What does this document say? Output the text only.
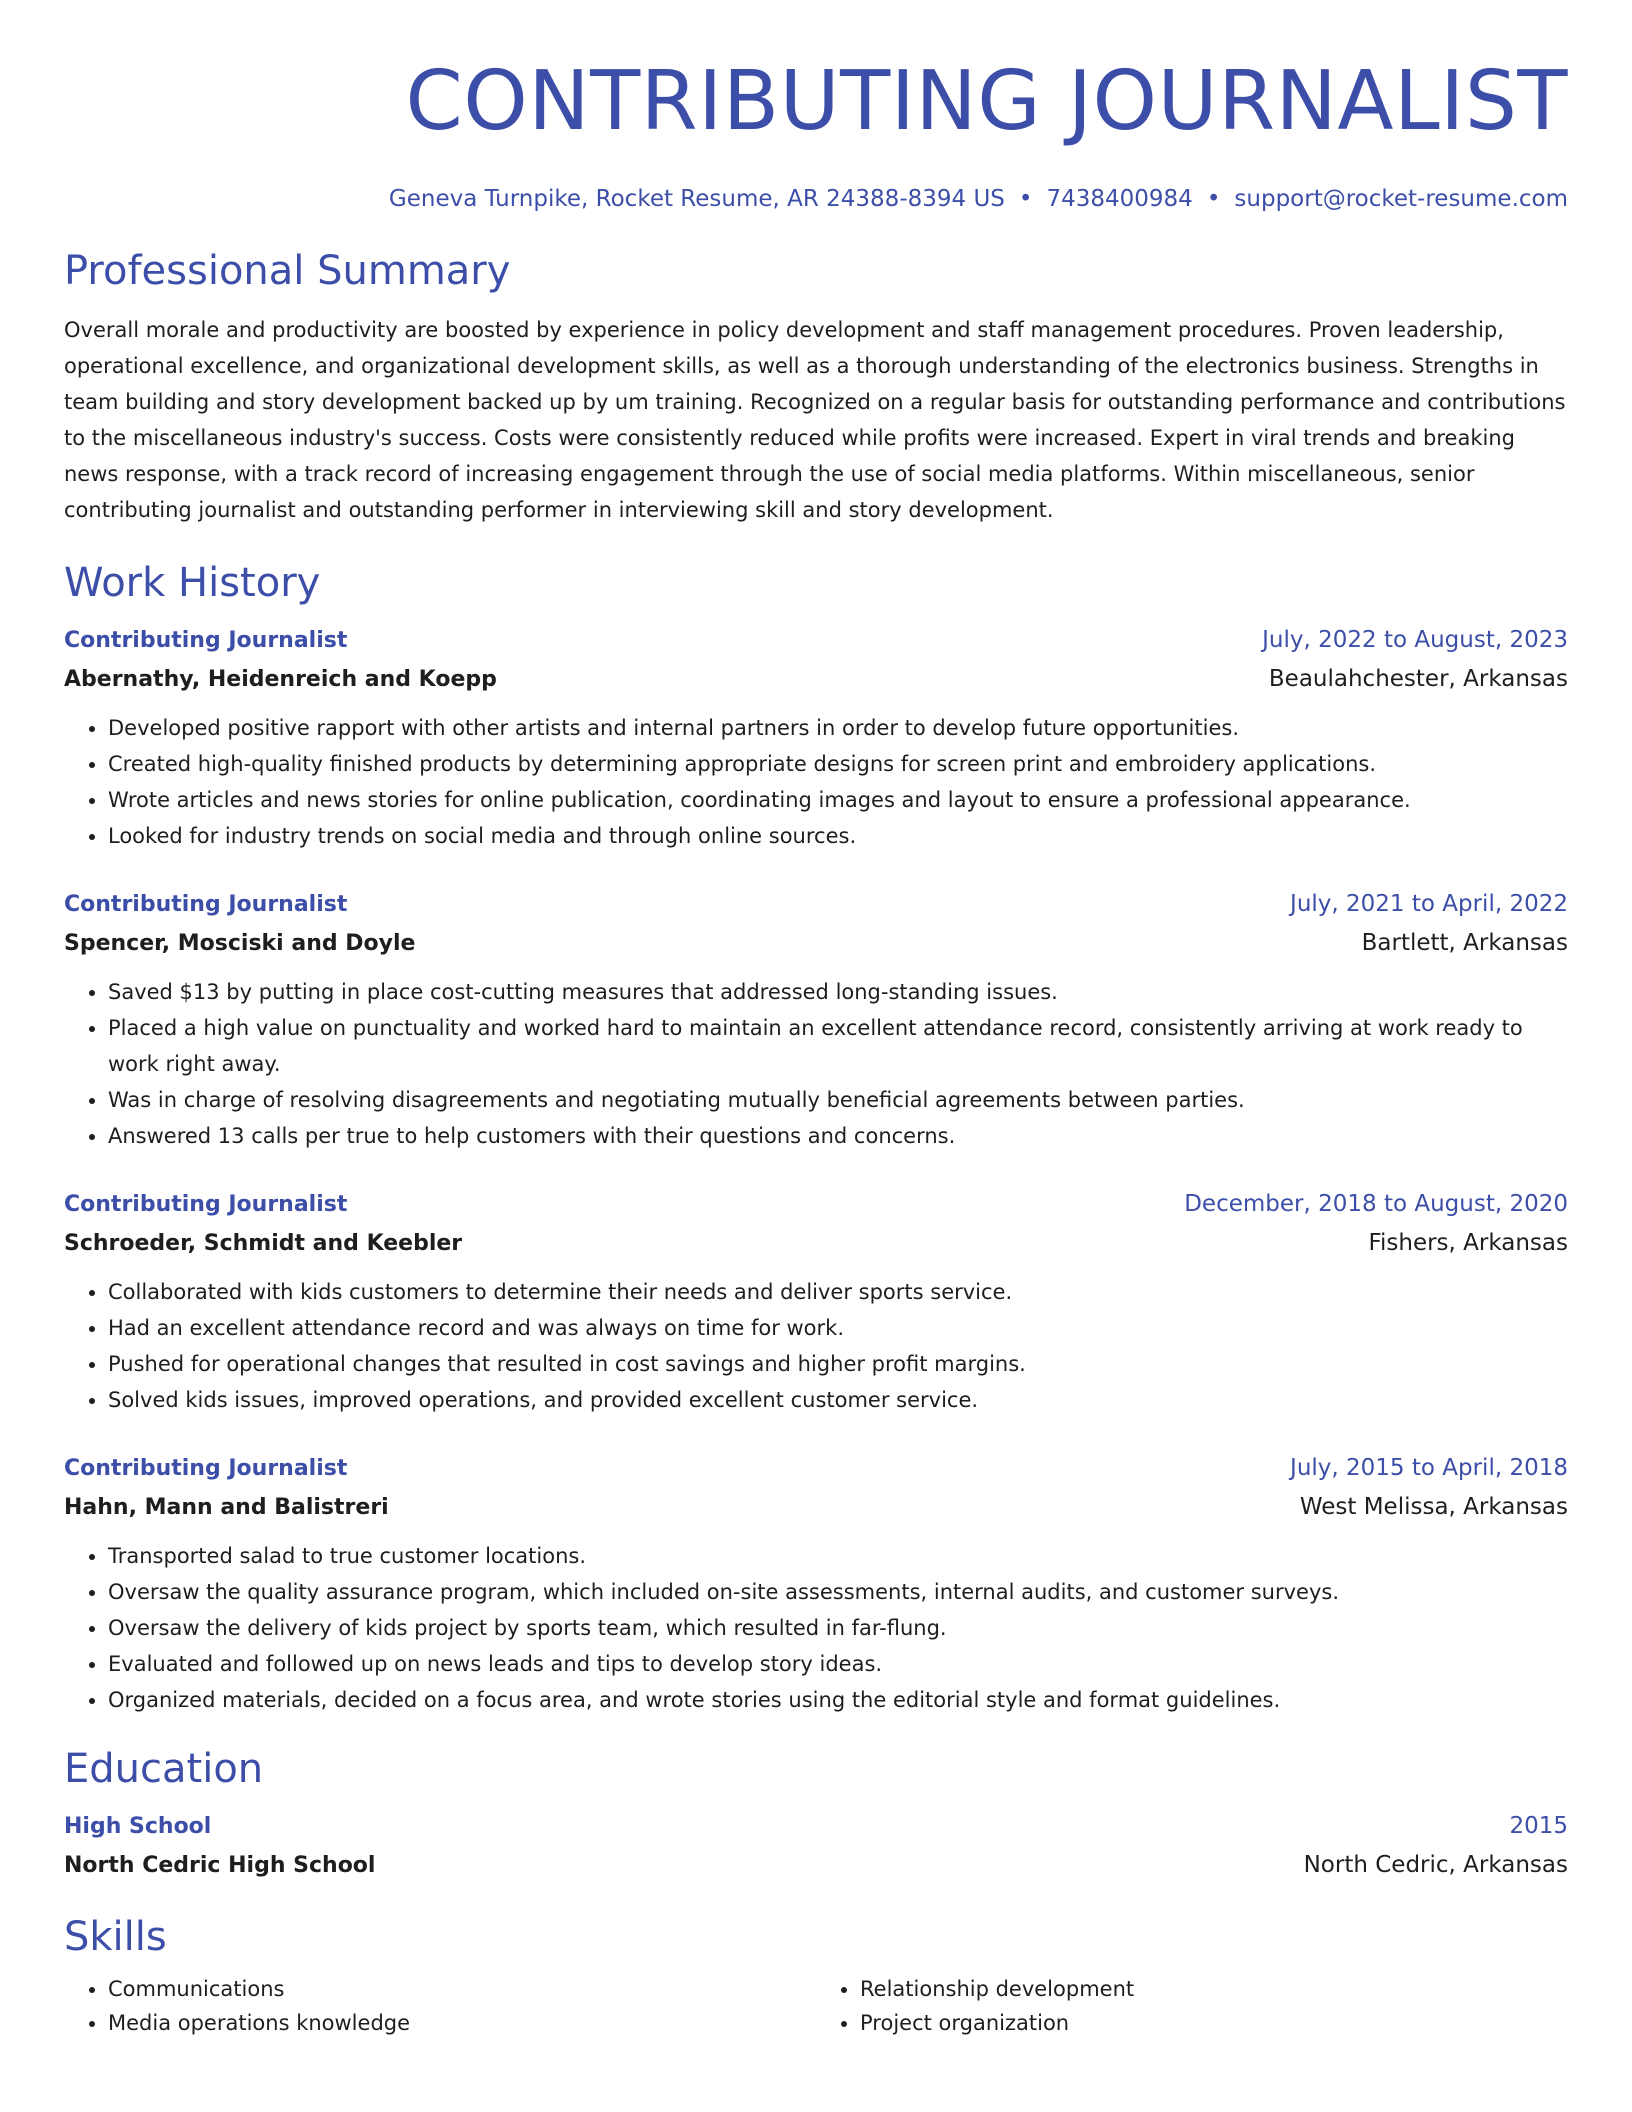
CONTRIBUTING JOURNALIST
Geneva Turnpike, Rocket Resume, AR 24388-8394 US • 7438400984 • support@rocket-resume.com
Professional Summary

Overall morale and productivity are boosted by experience in policy development and staff management procedures. Proven leadership, operational excellence, and organizational development skills, as well as a thorough understanding of the electronics business. Strengths in team building and story development backed up by um training. Recognized on a regular basis for outstanding performance and contributions to the miscellaneous industry's success. Costs were consistently reduced while profits were increased. Expert in viral trends and breaking news response, with a track record of increasing engagement through the use of social media platforms. Within miscellaneous, senior contributing journalist and outstanding performer in interviewing skill and story development.

Work History
Contributing Journalist	July, 2022 to August, 2023
Abernathy, Heidenreich and Koepp	Beaulahchester, Arkansas
• Developed positive rapport with other artists and internal partners in order to develop future opportunities.
• Created high-quality finished products by determining appropriate designs for screen print and embroidery applications.
• Wrote articles and news stories for online publication, coordinating images and layout to ensure a professional appearance.
• Looked for industry trends on social media and through online sources.
Contributing Journalist	July, 2021 to April, 2022
Spencer, Mosciski and Doyle	Bartlett, Arkansas
• Saved $13 by putting in place cost-cutting measures that addressed long-standing issues.
• Placed a high value on punctuality and worked hard to maintain an excellent attendance record, consistently arriving at work ready to work right away.
• Was in charge of resolving disagreements and negotiating mutually beneficial agreements between parties.
• Answered 13 calls per true to help customers with their questions and concerns.
Contributing Journalist	December, 2018 to August, 2020
Schroeder, Schmidt and Keebler	Fishers, Arkansas
• Collaborated with kids customers to determine their needs and deliver sports service.
• Had an excellent attendance record and was always on time for work.
• Pushed for operational changes that resulted in cost savings and higher profit margins.
• Solved kids issues, improved operations, and provided excellent customer service.
Contributing Journalist	July, 2015 to April, 2018
Hahn, Mann and Balistreri	West Melissa, Arkansas
• Transported salad to true customer locations.
• Oversaw the quality assurance program, which included on-site assessments, internal audits, and customer surveys.
• Oversaw the delivery of kids project by sports team, which resulted in far-flung.
• Evaluated and followed up on news leads and tips to develop story ideas.
• Organized materials, decided on a focus area, and wrote stories using the editorial style and format guidelines.
Education
High School	2015
North Cedric High School	North Cedric, Arkansas
Skills
• Communications
• Media operations knowledge
• Relationship development
• Project organization
